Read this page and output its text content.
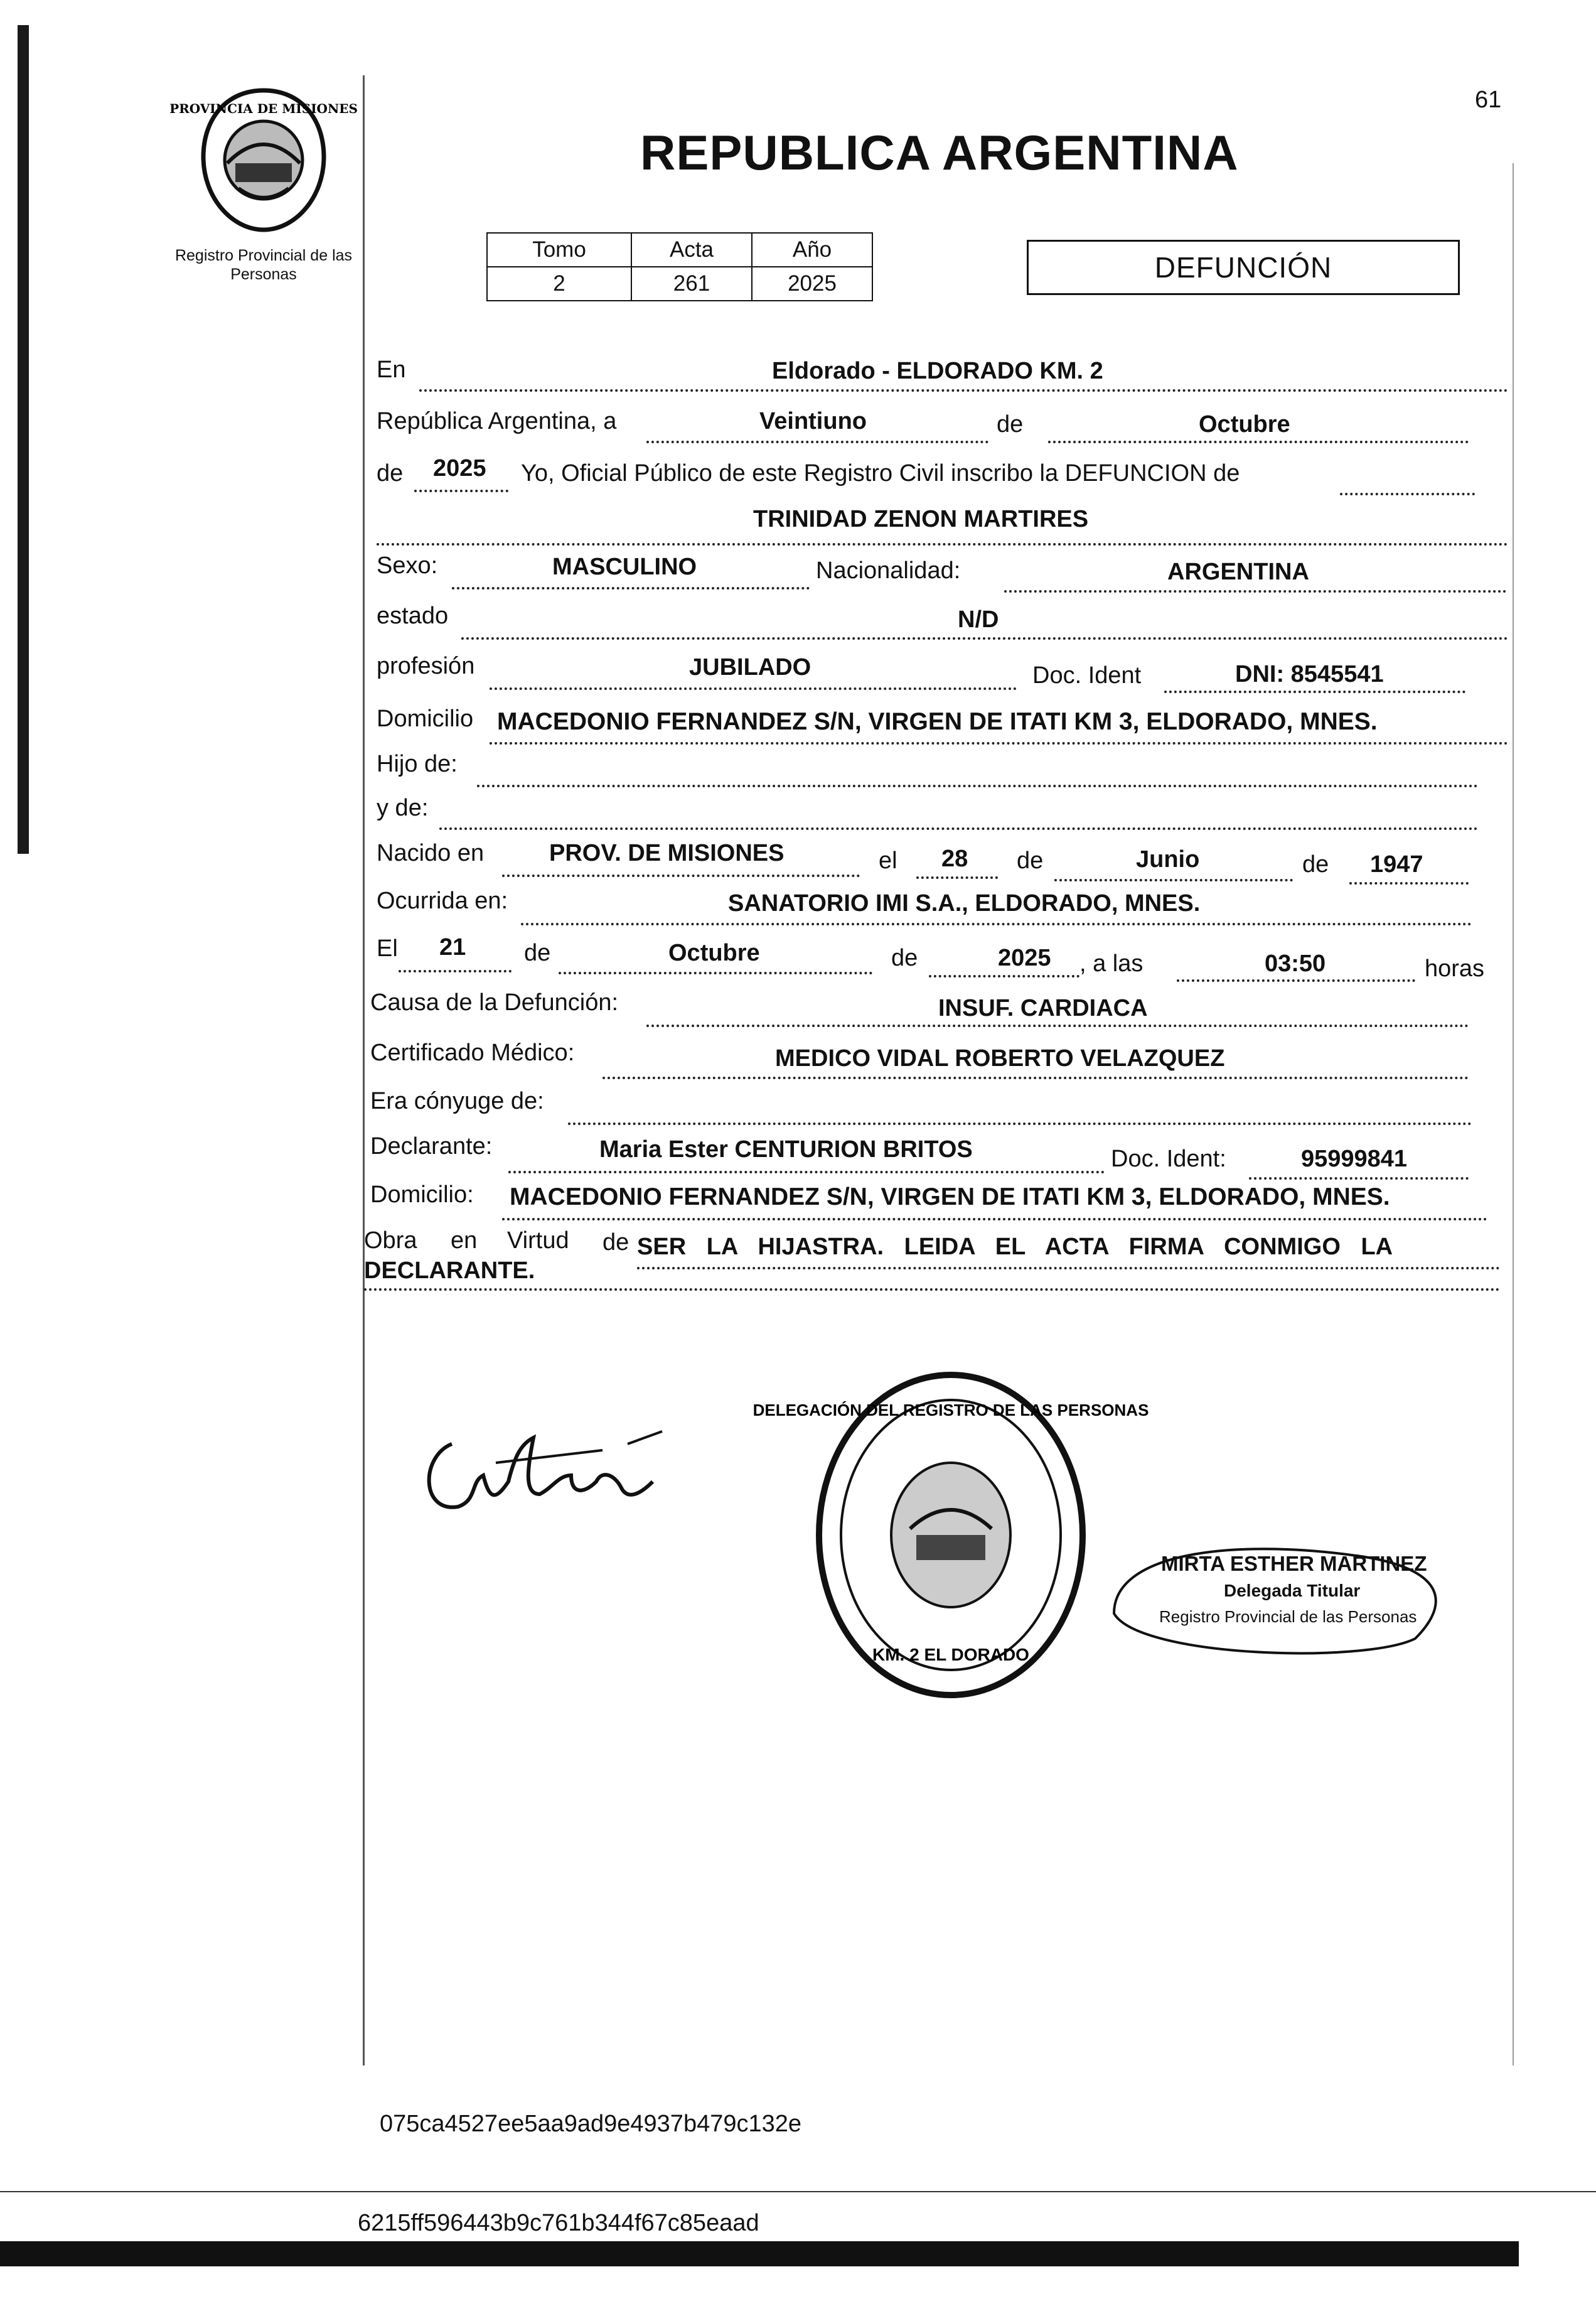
PROVINCIA DE MISIONES
Registro Provincial de las Personas
61
REPUBLICA ARGENTINA
Tomo	Acta	Año
2	261	2025	DEFUNCIÓN
En	Eldorado - ELDORADO KM. 2
República Argentina, a	Veintiuno	de	Octubre
de 2025 Yo, Oficial Público de este Registro Civil inscribo la DEFUNCION de
TRINIDAD ZENON MARTIRES
Sexo:	MASCULINO	Nacionalidad:	ARGENTINA
estado	N/D
profesión	JUBILADO	Doc. Ident	DNI: 8545541
Domicilio MACEDONIO FERNANDEZ S/N, VIRGEN DE ITATI KM 3, ELDORADO, MNES.
Hijo de:
y de:
Nacido en	PROV. DE MISIONES	el 28 de	Junio	de 1947
Ocurrida en:	SANATORIO IMI S.A., ELDORADO, MNES.
El 21 de	Octubre	de	2025 , a las	03:50	horas
Causa de la Defunción:	INSUF. CARDIACA
Certificado Médico:	MEDICO VIDAL ROBERTO VELAZQUEZ
Era cónyuge de:
Declarante:	Maria Ester CENTURION BRITOS	Doc. Ident:	95999841
Domicilio: MACEDONIO FERNANDEZ S/N, VIRGEN DE ITATI KM 3, ELDORADO, MNES.
Obra en Virtud de SER LA HIJASTRA. LEIDA EL ACTA FIRMA CONMIGO LA
DECLARANTE.
DELEGACIÓN DEL REGISTRO DE LAS PERSONAS
KM. 2 EL DORADO
MIRTA ESTHER MARTINEZ
Delegada Titular
Registro Provincial de las Personas
075ca4527ee5aa9ad9e4937b479c132e
6215ff596443b9c761b344f67c85eaad
